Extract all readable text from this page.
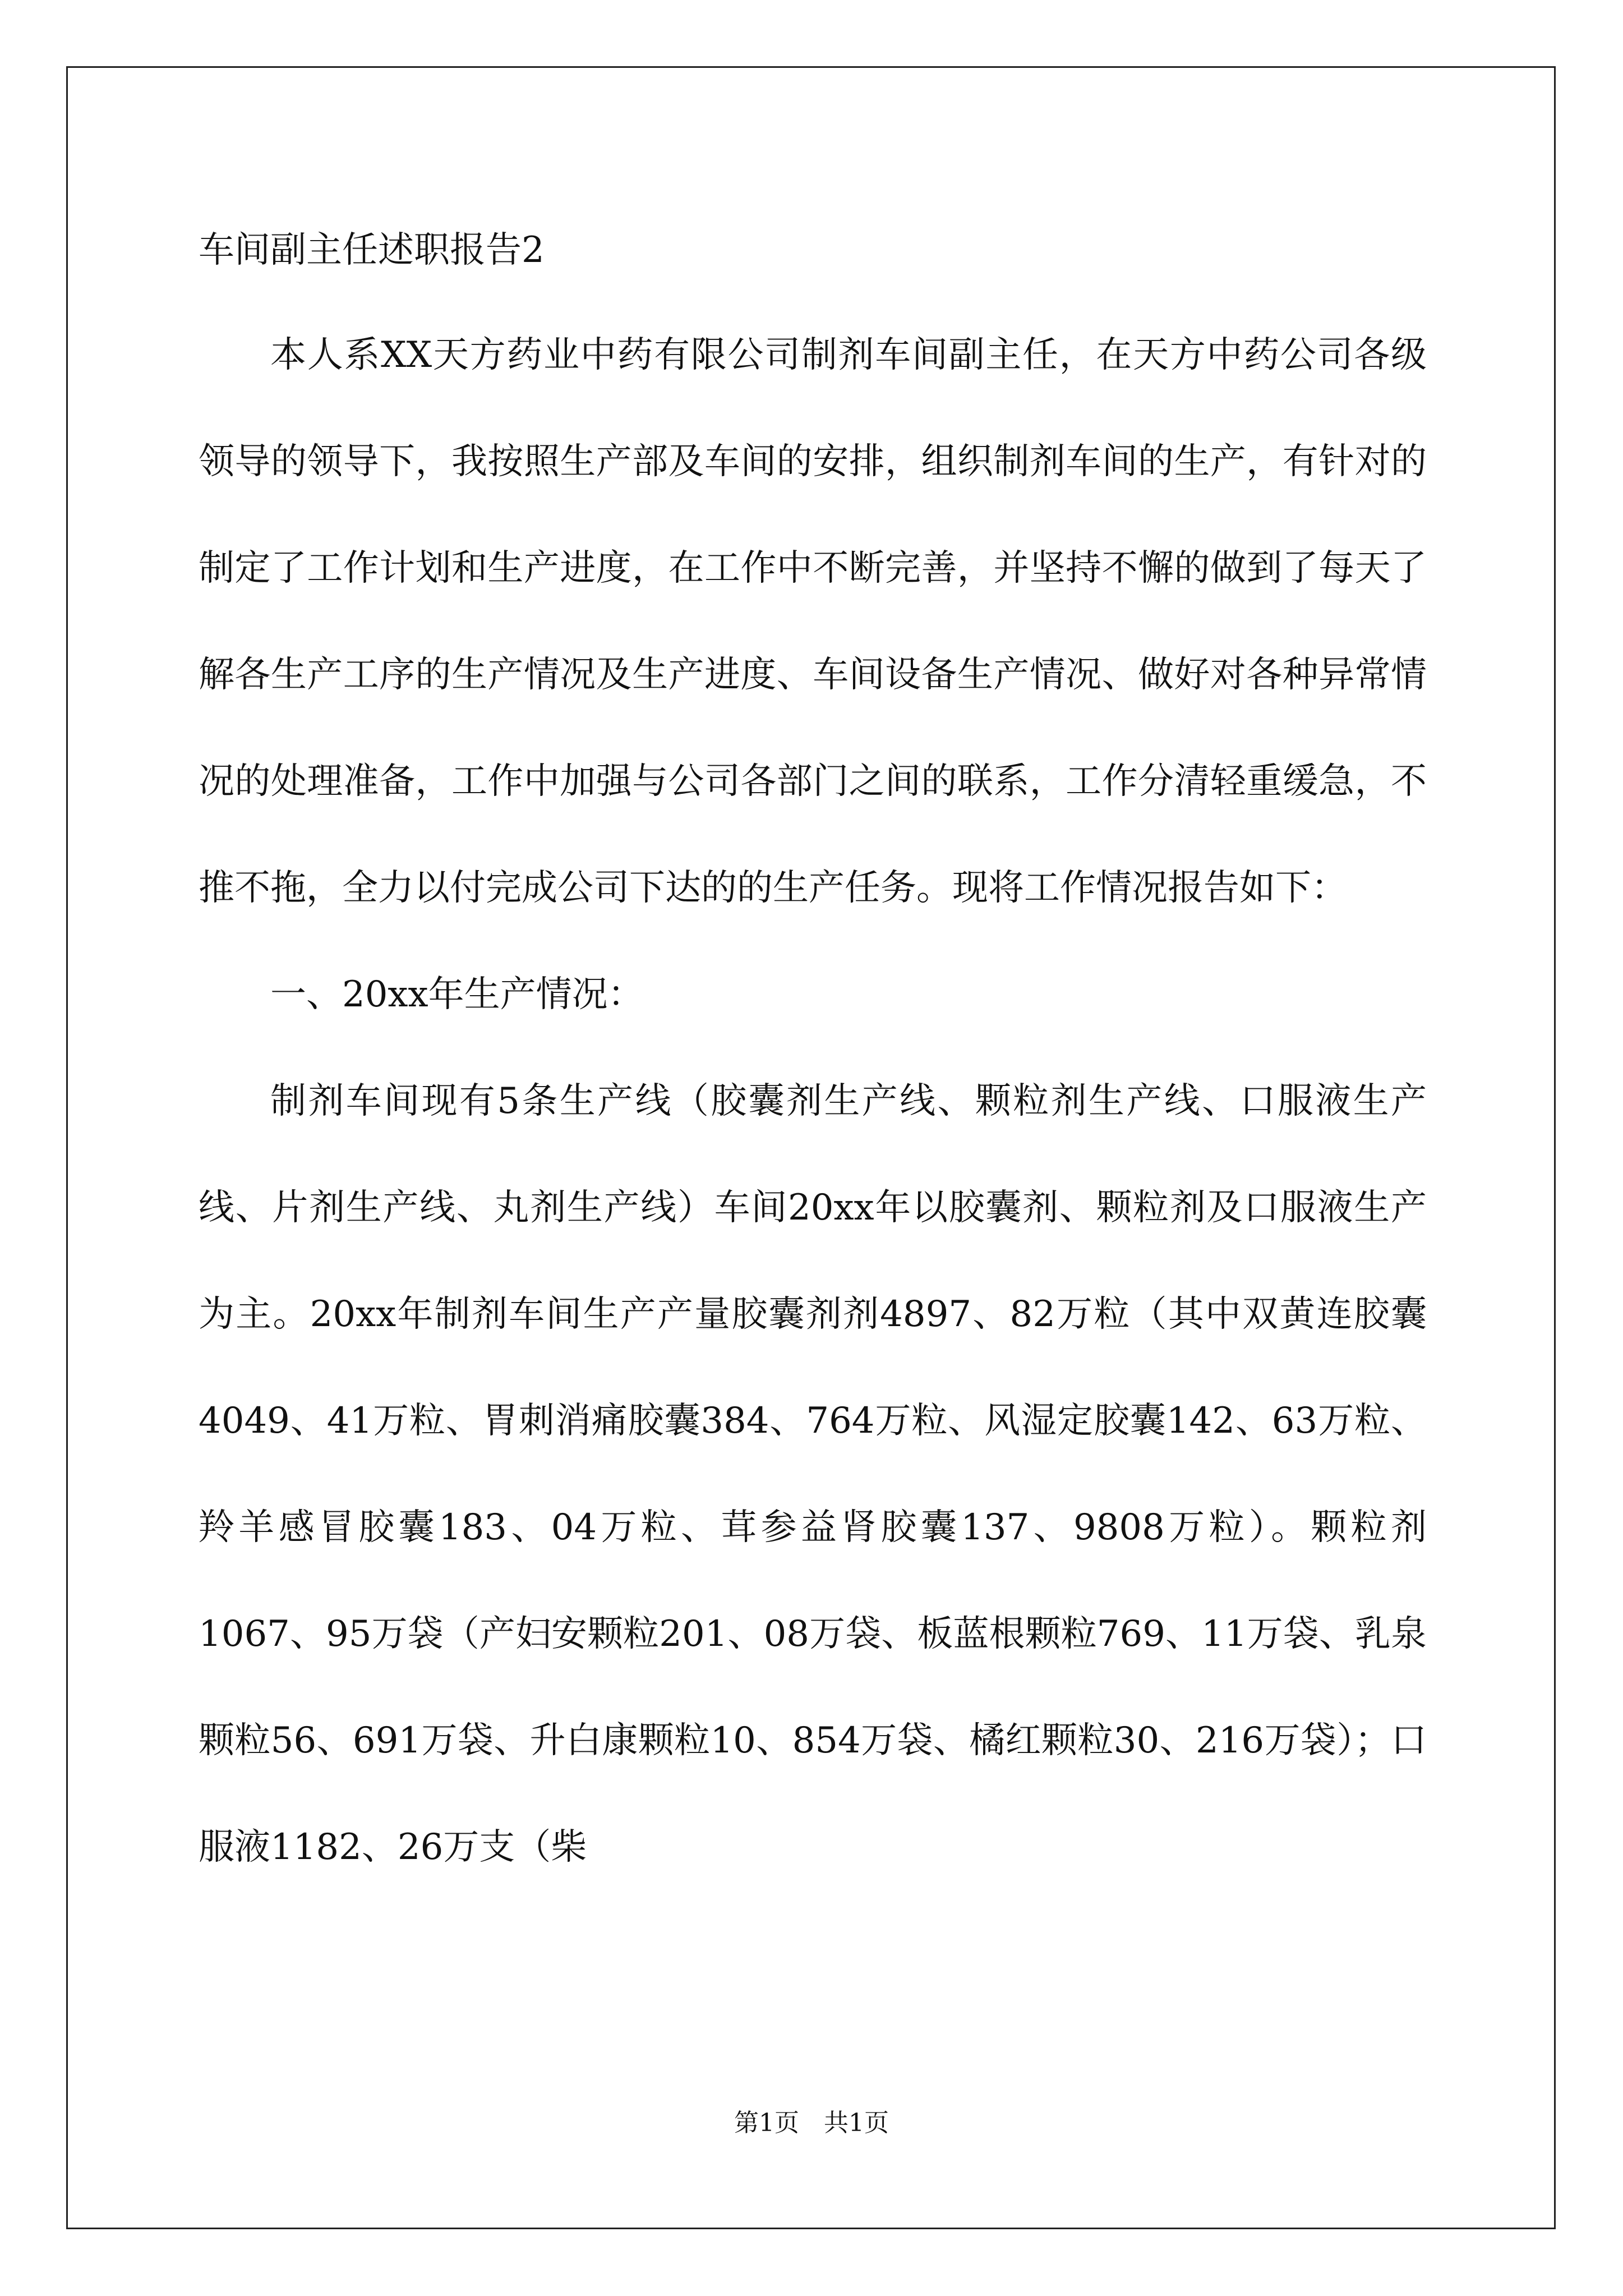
车间副主任述职报告2

本人系XX天方药业中药有限公司制剂车间副主任，在天方中药公司各级领导的领导下，我按照生产部及车间的安排，组织制剂车间的生产，有针对的制定了工作计划和生产进度，在工作中不断完善，并坚持不懈的做到了每天了解各生产工序的生产情况及生产进度、车间设备生产情况、做好对各种异常情况的处理准备，工作中加强与公司各部门之间的联系，工作分清轻重缓急，不推不拖，全力以付完成公司下达的的生产任务。现将工作情况报告如下：

一、20xx年生产情况：

制剂车间现有5条生产线（胶囊剂生产线、颗粒剂生产线、口服液生产线、片剂生产线、丸剂生产线）车间20xx年以胶囊剂、颗粒剂及口服液生产为主。20xx年制剂车间生产产量胶囊剂剂4897、82万粒（其中双黄连胶囊4049、41万粒、胃刺消痛胶囊384、764万粒、风湿定胶囊142、63万粒、羚羊感冒胶囊183、04万粒、茸参益肾胶囊137、9808万粒）。颗粒剂1067、95万袋（产妇安颗粒201、08万袋、板蓝根颗粒769、11万袋、乳泉颗粒56、691万袋、升白康颗粒10、854万袋、橘红颗粒30、216万袋）；口服液1182、26万支（柴

第1页　共1页
